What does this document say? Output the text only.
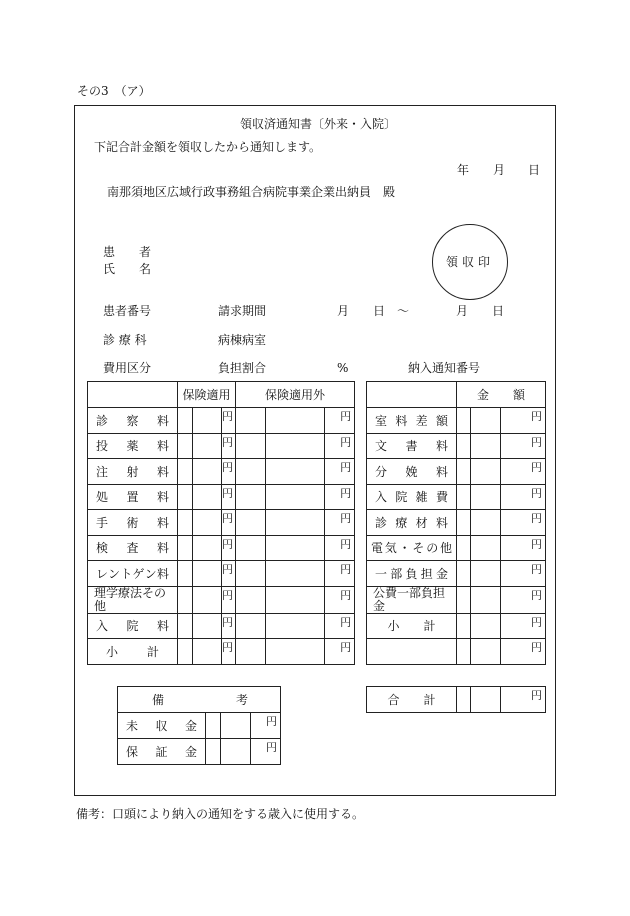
その3　（ア）
領収済通知書〔外来・入院〕
下記合計金額を領収したから通知します。
年 月 日
南那須地区広域行政事務組合病院事業企業出納員　殿
患　　者
氏　　名	領収印
患者番号	請求期間	月 日　〜	月 日
診 療 科	病棟病室
費用区分	負担割合	%	納入通知番号
	保険適用			保険適用外		
診察料			円			円
投薬料			円			円
注射料			円			円
処置料			円			円
手術料			円			円
検査料			円			円
レントゲン料			円			円
理学療法その他			円			円
入院料			円			円
小計			円			円
	金　　額		
室料差額			円
文書料			円
分娩料			円
入院雑費			円
診療材料			円
電気・その他			円
一部負担金			円
公費一部負担金			円
小　　計			円
			円
合　　計			円
備 考			

未収金			円
保証金			円
備考：口頭により納入の通知をする歳入に使用する。
